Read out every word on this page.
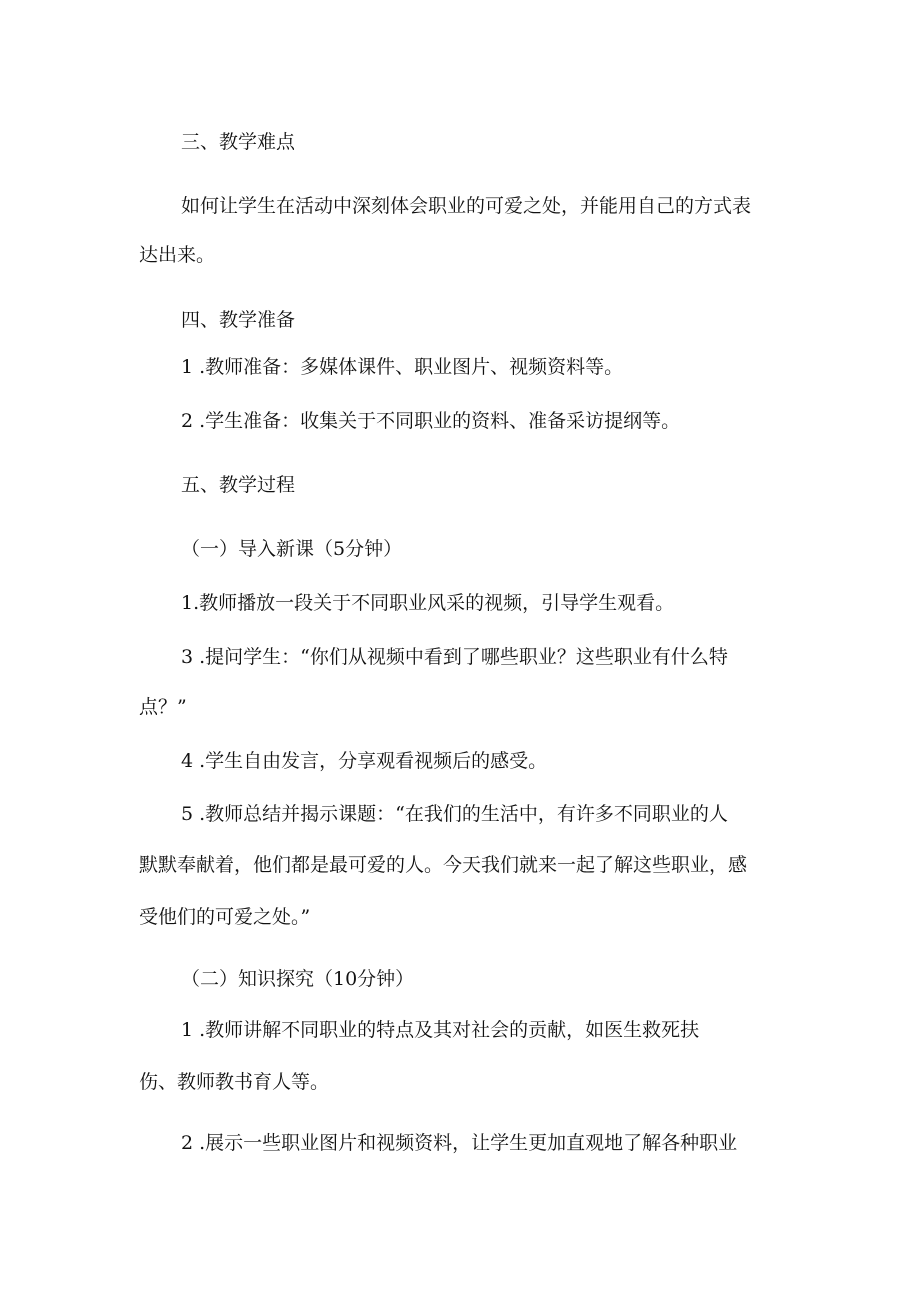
三、教学难点
如何让学生在活动中深刻体会职业的可爱之处，并能用自己的方式表
达出来。
四、教学准备
1 .教师准备：多媒体课件、职业图片、视频资料等。
2 .学生准备：收集关于不同职业的资料、准备采访提纲等。
五、教学过程
（一）导入新课（5分钟）
1.教师播放一段关于不同职业风采的视频，引导学生观看。
3 .提问学生：“你们从视频中看到了哪些职业？这些职业有什么特
点？”
4 .学生自由发言，分享观看视频后的感受。
5 .教师总结并揭示课题：“在我们的生活中，有许多不同职业的人
默默奉献着，他们都是最可爱的人。今天我们就来一起了解这些职业，感
受他们的可爱之处。”
（二）知识探究（10分钟）
1 .教师讲解不同职业的特点及其对社会的贡献，如医生救死扶
伤、教师教书育人等。
2 .展示一些职业图片和视频资料，让学生更加直观地了解各种职业
